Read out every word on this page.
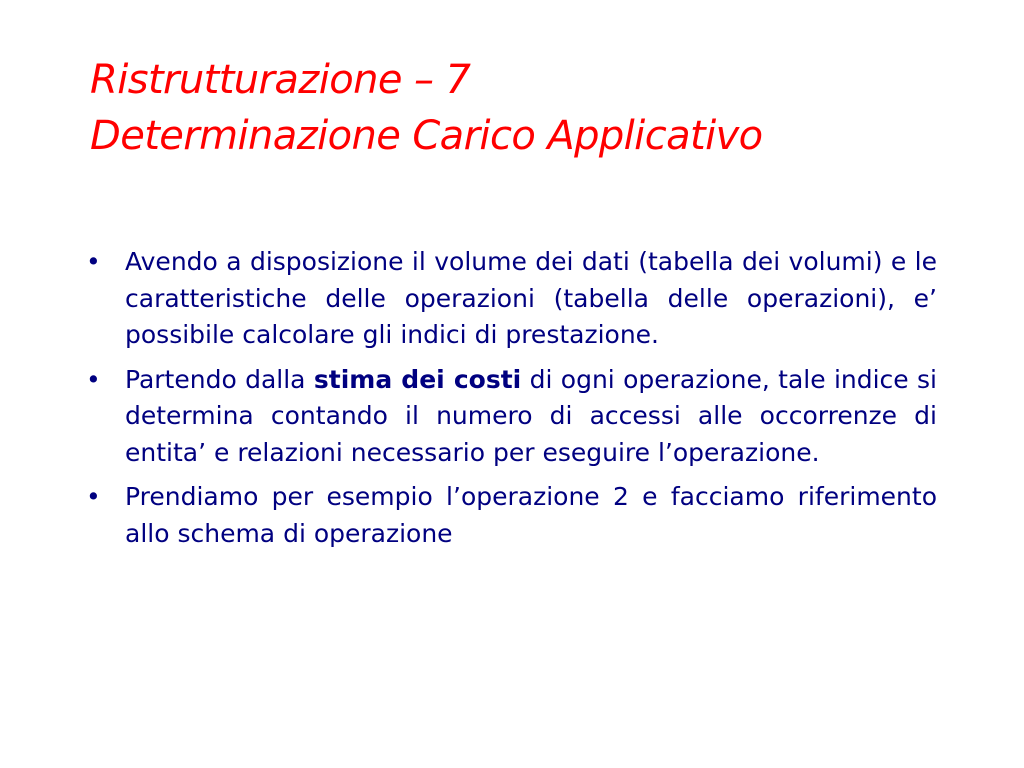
Ristrutturazione – 7
Determinazione Carico Applicativo
• Avendo a disposizione il volume dei dati (tabella dei volumi) e le caratteristiche delle operazioni (tabella delle operazioni), e’ possibile calcolare gli indici di prestazione.
• Partendo dalla stima dei costi di ogni operazione, tale indice si determina contando il numero di accessi alle occorrenze di entita’ e relazioni necessario per eseguire l’operazione.
• Prendiamo per esempio l’operazione 2 e facciamo riferimento allo schema di operazione
